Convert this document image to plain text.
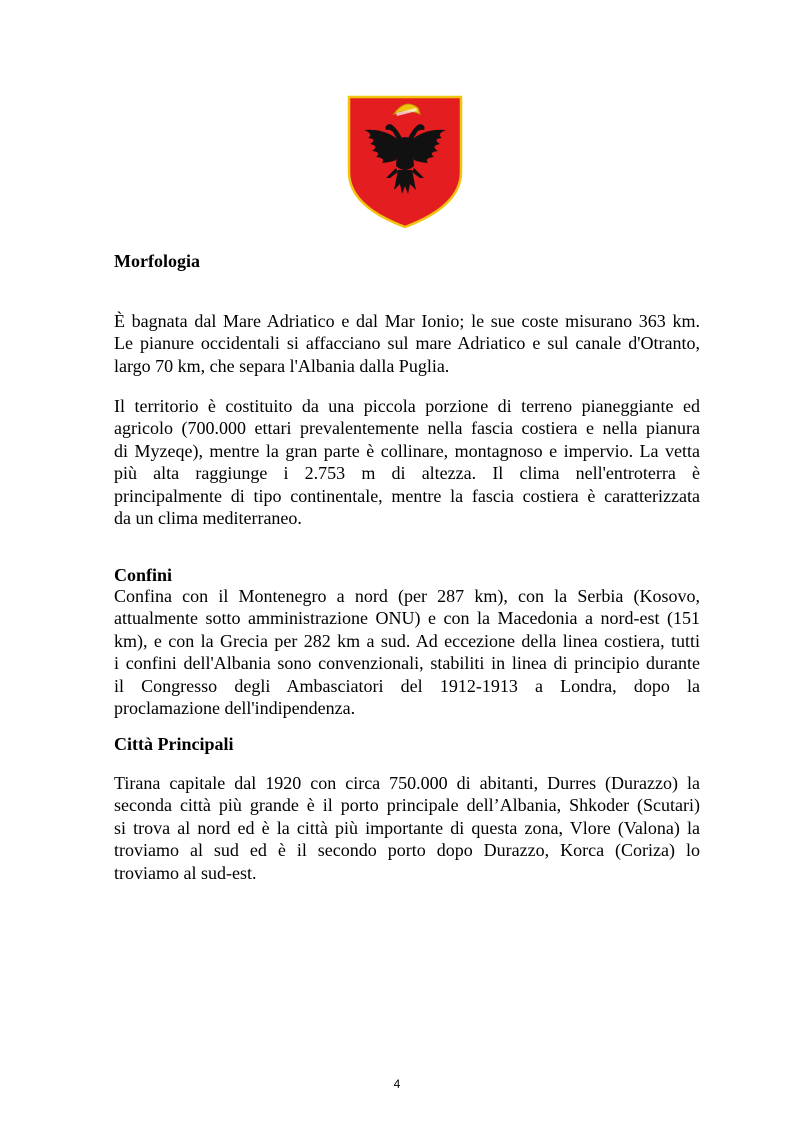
Morfologia
È bagnata dal Mare Adriatico e dal Mar Ionio; le sue coste misurano 363 km.
Le pianure occidentali si affacciano sul mare Adriatico e sul canale d'Otranto,
largo 70 km, che separa l'Albania dalla Puglia.
Il territorio è costituito da una piccola porzione di terreno pianeggiante ed
agricolo (700.000 ettari prevalentemente nella fascia costiera e nella pianura
di Myzeqe), mentre la gran parte è collinare, montagnoso e impervio. La vetta
più alta raggiunge i 2.753 m di altezza. Il clima nell'entroterra è
principalmente di tipo continentale, mentre la fascia costiera è caratterizzata
da un clima mediterraneo.
Confini
Confina con il Montenegro a nord (per 287 km), con la Serbia (Kosovo,
attualmente sotto amministrazione ONU) e con la Macedonia a nord-est (151
km), e con la Grecia per 282 km a sud. Ad eccezione della linea costiera, tutti
i confini dell'Albania sono convenzionali, stabiliti in linea di principio durante
il Congresso degli Ambasciatori del 1912-1913 a Londra, dopo la
proclamazione dell'indipendenza.
Città Principali
Tirana capitale dal 1920 con circa 750.000 di abitanti, Durres (Durazzo) la
seconda città più grande è il porto principale dell’Albania, Shkoder (Scutari)
si trova al nord ed è la città più importante di questa zona, Vlore (Valona) la
troviamo al sud ed è il secondo porto dopo Durazzo, Korca (Coriza) lo
troviamo al sud-est.
4
